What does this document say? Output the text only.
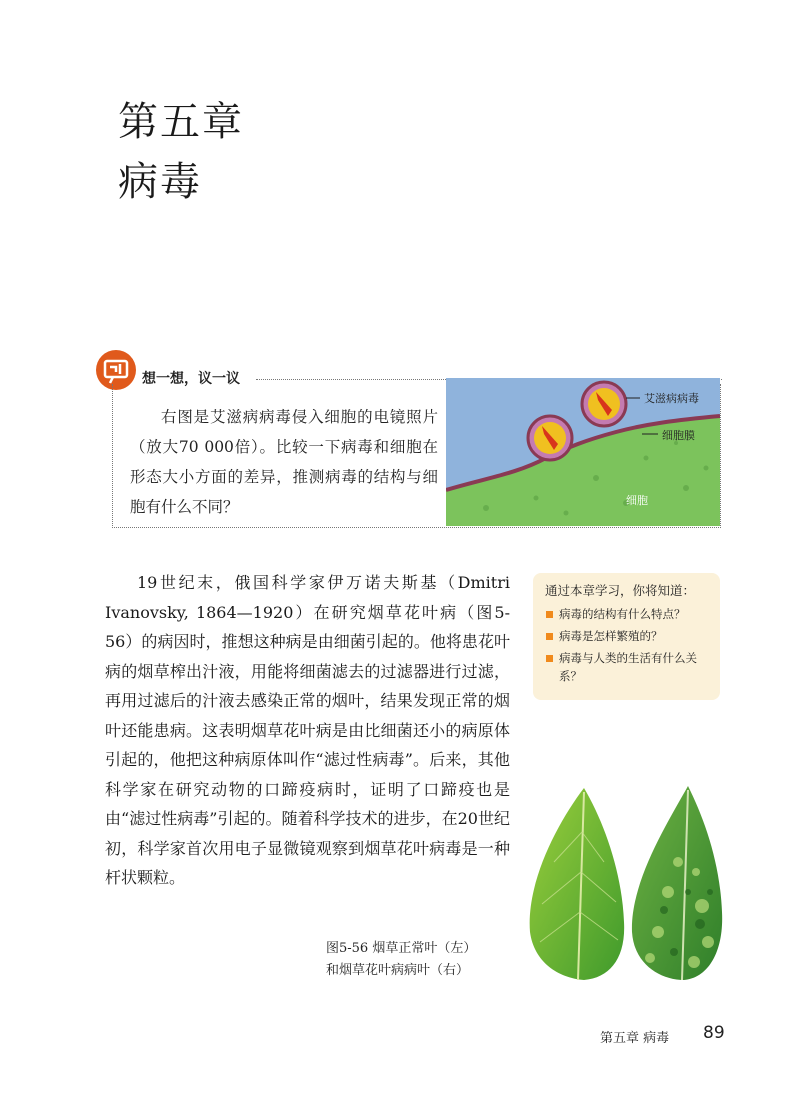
第五章
病毒
想一想，议一议

右图是艾滋病病毒侵入细胞的电镜照片（放大70 000倍）。比较一下病毒和细胞在形态大小方面的差异，推测病毒的结构与细胞有什么不同？

艾滋病病毒
细胞膜
细胞

19世纪末，俄国科学家伊万诺夫斯基（Dmitri Ivanovsky, 1864—1920）在研究烟草花叶病（图5-56）的病因时，推想这种病是由细菌引起的。他将患花叶病的烟草榨出汁液，用能将细菌滤去的过滤器进行过滤，再用过滤后的汁液去感染正常的烟叶，结果发现正常的烟叶还能患病。这表明烟草花叶病是由比细菌还小的病原体引起的，他把这种病原体叫作“滤过性病毒”。后来，其他科学家在研究动物的口蹄疫病时，证明了口蹄疫也是由“滤过性病毒”引起的。随着科学技术的进步，在20世纪初，科学家首次用电子显微镜观察到烟草花叶病毒是一种杆状颗粒。

通过本章学习，你将知道：

病毒的结构有什么特点？
病毒是怎样繁殖的？
病毒与人类的生活有什么关系？

图5-56 烟草正常叶（左）
和烟草花叶病病叶（右）

第五章 病毒 89
